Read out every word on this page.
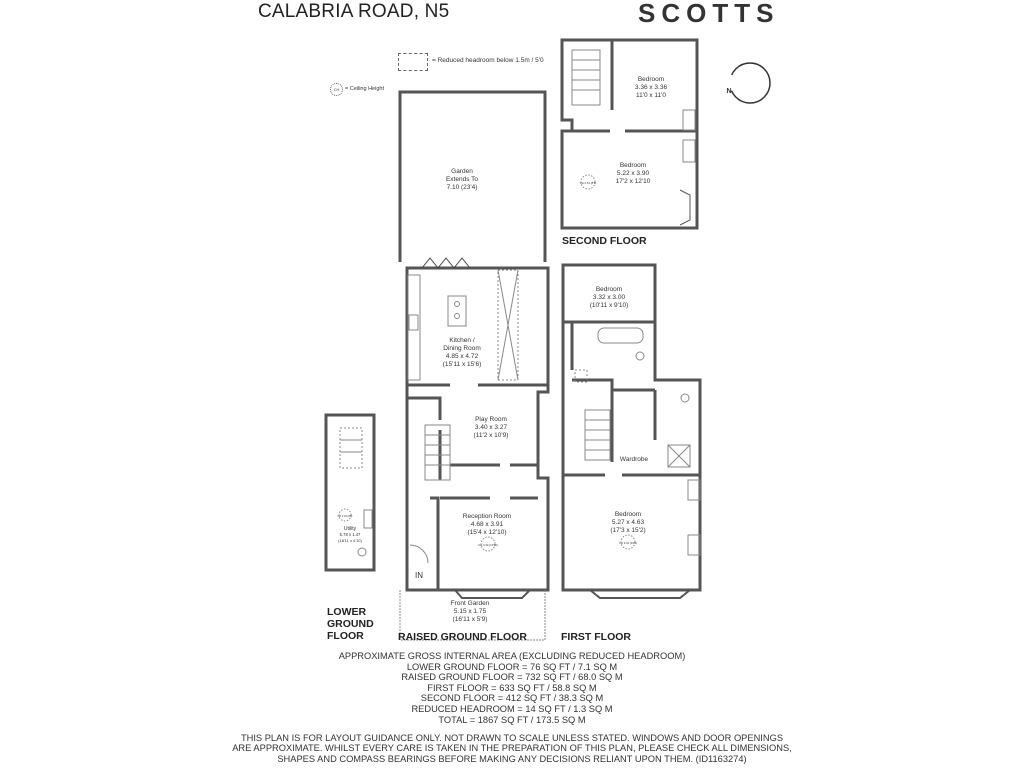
CALABRIA ROAD, N5	SCOTTS
= Reduced headroom below 1.5m / 5'0
CH	= Ceiling Height	N
Garden
Extends To
7.10 (23'4)
Kitchen /
Dining Room
4.85 x 4.72
(15'11 x 15'6)
Play Room
3.40 x 3.27
(11'2 x 10'9)
Reception Room
4.68 x 3.91
(15'4 x 12'10)
CH 3.30 (10'10)
Front Garden
5.15 x 1.75
(16'11 x 5'9)
IN
Utility
5.78 x 1.47
(18'11 x 4'10)
CH 2.03 (6'8)
Bedroom
3.36 x 3.36
11'0 x 11'0
Bedroom
5.22 x 3.90
17'2 x 12'10
CH 2.51 (8'3)
Bedroom
3.32 x 3.00
(10'11 x 9'10)
Wardrobe
Bedroom
5.27 x 4.63
(17'3 x 15'2)
CH 3.10 (10'2)
SECOND FLOOR
RAISED GROUND FLOOR	FIRST FLOOR
LOWER
GROUND
FLOOR
APPROXIMATE GROSS INTERNAL AREA (EXCLUDING REDUCED HEADROOM)
LOWER GROUND FLOOR = 76 SQ FT / 7.1 SQ M
RAISED GROUND FLOOR = 732 SQ FT / 68.0 SQ M
FIRST FLOOR = 633 SQ FT / 58.8 SQ M
SECOND FLOOR = 412 SQ FT / 38.3 SQ M
REDUCED HEADROOM = 14 SQ FT / 1.3 SQ M
TOTAL = 1867 SQ FT / 173.5 SQ M
THIS PLAN IS FOR LAYOUT GUIDANCE ONLY. NOT DRAWN TO SCALE UNLESS STATED. WINDOWS AND DOOR OPENINGS
ARE APPROXIMATE. WHILST EVERY CARE IS TAKEN IN THE PREPARATION OF THIS PLAN, PLEASE CHECK ALL DIMENSIONS,
SHAPES AND COMPASS BEARINGS BEFORE MAKING ANY DECISIONS RELIANT UPON THEM. (ID1163274)
